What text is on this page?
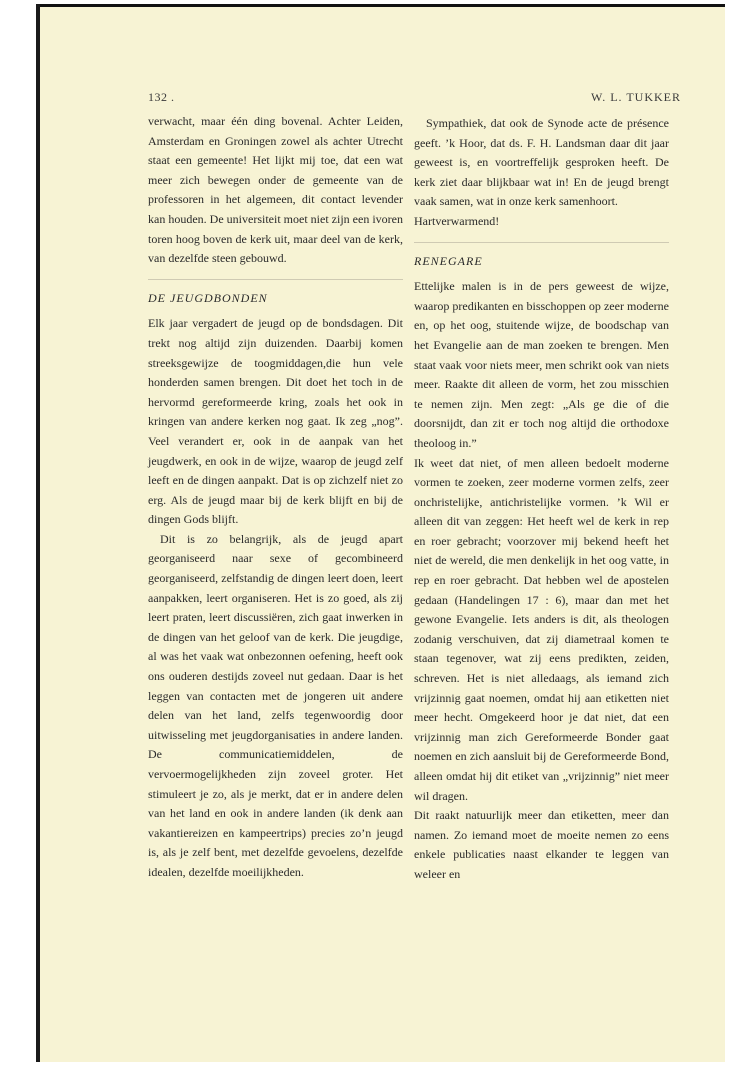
132 .	W. L. TUKKER

verwacht, maar één ding bovenal. Achter Leiden, Amsterdam en Groningen zowel als achter Utrecht staat een gemeente! Het lijkt mij toe, dat een wat meer zich bewegen onder de gemeente van de professoren in het algemeen, dit contact levender kan houden. De universiteit moet niet zijn een ivoren toren hoog boven de kerk uit, maar deel van de kerk, van dezelfde steen gebouwd.

DE JEUGDBONDEN

Elk jaar vergadert de jeugd op de bondsdagen. Dit trekt nog altijd zijn duizenden. Daarbij komen streeksgewijze de toogmiddagen,die hun vele honderden samen brengen. Dit doet het toch in de hervormd gereformeerde kring, zoals het ook in kringen van andere kerken nog gaat. Ik zeg „nog”. Veel verandert er, ook in de aanpak van het jeugdwerk, en ook in de wijze, waarop de jeugd zelf leeft en de dingen aanpakt. Dat is op zichzelf niet zo erg. Als de jeugd maar bij de kerk blijft en bij de dingen Gods blijft.

Dit is zo belangrijk, als de jeugd apart georganiseerd naar sexe of gecombineerd georganiseerd, zelfstandig de dingen leert doen, leert aanpakken, leert organiseren. Het is zo goed, als zij leert praten, leert discussiëren, zich gaat inwerken in de dingen van het geloof van de kerk. Die jeugdige, al was het vaak wat onbezonnen oefening, heeft ook ons ouderen destijds zoveel nut gedaan. Daar is het leggen van contacten met de jongeren uit andere delen van het land, zelfs tegenwoordig door uitwisseling met jeugdorganisaties in andere landen. De communicatiemiddelen, de vervoermogelijkheden zijn zoveel groter. Het stimuleert je zo, als je merkt, dat er in andere delen van het land en ook in andere landen (ik denk aan vakantiereizen en kampeertrips) precies zo’n jeugd is, als je zelf bent, met dezelfde gevoelens, dezelfde idealen, dezelfde moeilijkheden.

Sympathiek, dat ook de Synode acte de présence geeft. ’k Hoor, dat ds. F. H. Landsman daar dit jaar geweest is, en voortreffelijk gesproken heeft. De kerk ziet daar blijkbaar wat in! En de jeugd brengt vaak samen, wat in onze kerk samenhoort.

Hartverwarmend!

RENEGARE

Ettelijke malen is in de pers geweest de wijze, waarop predikanten en bisschoppen op zeer moderne en, op het oog, stuitende wijze, de boodschap van het Evangelie aan de man zoeken te brengen. Men staat vaak voor niets meer, men schrikt ook van niets meer. Raakte dit alleen de vorm, het zou misschien te nemen zijn. Men zegt: „Als ge die of die doorsnijdt, dan zit er toch nog altijd die orthodoxe theoloog in.”

Ik weet dat niet, of men alleen bedoelt moderne vormen te zoeken, zeer moderne vormen zelfs, zeer onchristelijke, antichristelijke vormen. ’k Wil er alleen dit van zeggen: Het heeft wel de kerk in rep en roer gebracht; voorzover mij bekend heeft het niet de wereld, die men denkelijk in het oog vatte, in rep en roer gebracht. Dat hebben wel de apostelen gedaan (Handelingen 17 : 6), maar dan met het gewone Evangelie. Iets anders is dit, als theologen zodanig verschuiven, dat zij diametraal komen te staan tegenover, wat zij eens predikten, zeiden, schreven. Het is niet alledaags, als iemand zich vrijzinnig gaat noemen, omdat hij aan etiketten niet meer hecht. Omgekeerd hoor je dat niet, dat een vrijzinnig man zich Gereformeerde Bonder gaat noemen en zich aansluit bij de Gereformeerde Bond, alleen omdat hij dit etiket van „vrijzinnig” niet meer wil dragen.

Dit raakt natuurlijk meer dan etiketten, meer dan namen. Zo iemand moet de moeite nemen zo eens enkele publicaties naast elkander te leggen van weleer en
